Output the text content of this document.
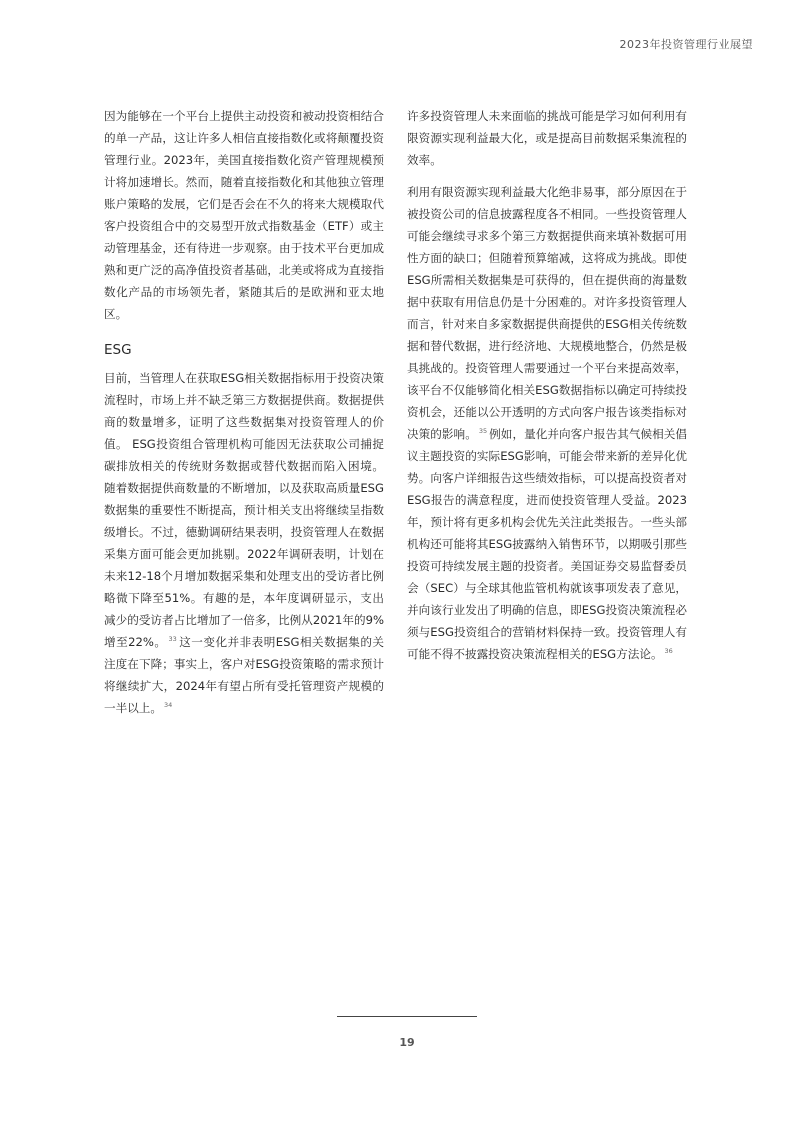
2023年投资管理行业展望

因为能够在一个平台上提供主动投资和被动投资相结合的单一产品，这让许多人相信直接指数化或将颠覆投资管理行业。2023年，美国直接指数化资产管理规模预计将加速增长。然而，随着直接指数化和其他独立管理账户策略的发展，它们是否会在不久的将来大规模取代客户投资组合中的交易型开放式指数基金（ETF）或主动管理基金，还有待进一步观察。由于技术平台更加成熟和更广泛的高净值投资者基础，北美或将成为直接指数化产品的市场领先者，紧随其后的是欧洲和亚太地区。

ESG

目前，当管理人在获取ESG相关数据指标用于投资决策流程时，市场上并不缺乏第三方数据提供商。数据提供商的数量增多，证明了这些数据集对投资管理人的价值。 ESG投资组合管理机构可能因无法获取公司捕捉碳排放相关的传统财务数据或替代数据而陷入困境。 随着数据提供商数量的不断增加，以及获取高质量ESG数据集的重要性不断提高，预计相关支出将继续呈指数级增长。不过，德勤调研结果表明，投资管理人在数据采集方面可能会更加挑剔。2022年调研表明，计划在未来12-18个月增加数据采集和处理支出的受访者比例略微下降至51%。有趣的是，本年度调研显示，支出减少的受访者占比增加了一倍多，比例从2021年的9%增至22%。 $^{33}$ 这一变化并非表明ESG相关数据集的关注度在下降；事实上，客户对ESG投资策略的需求预计将继续扩大，2024年有望占所有受托管理资产规模的一半以上。 $^{34}$

许多投资管理人未来面临的挑战可能是学习如何利用有限资源实现利益最大化，或是提高目前数据采集流程的效率。

利用有限资源实现利益最大化绝非易事，部分原因在于被投资公司的信息披露程度各不相同。一些投资管理人可能会继续寻求多个第三方数据提供商来填补数据可用性方面的缺口；但随着预算缩减，这将成为挑战。即使ESG所需相关数据集是可获得的，但在提供商的海量数据中获取有用信息仍是十分困难的。对许多投资管理人而言，针对来自多家数据提供商提供的ESG相关传统数据和替代数据，进行经济地、大规模地整合，仍然是极具挑战的。投资管理人需要通过一个平台来提高效率，该平台不仅能够简化相关ESG数据指标以确定可持续投资机会，还能以公开透明的方式向客户报告该类指标对决策的影响。 $^{35}$ 例如，量化并向客户报告其气候相关倡议主题投资的实际ESG影响，可能会带来新的差异化优势。向客户详细报告这些绩效指标，可以提高投资者对ESG报告的满意程度，进而使投资管理人受益。2023年，预计将有更多机构会优先关注此类报告。一些头部机构还可能将其ESG披露纳入销售环节，以期吸引那些投资可持续发展主题的投资者。美国证券交易监督委员会（SEC）与全球其他监管机构就该事项发表了意见，并向该行业发出了明确的信息，即ESG投资决策流程必须与ESG投资组合的营销材料保持一致。投资管理人有可能不得不披露投资决策流程相关的ESG方法论。 $^{36}$

19
